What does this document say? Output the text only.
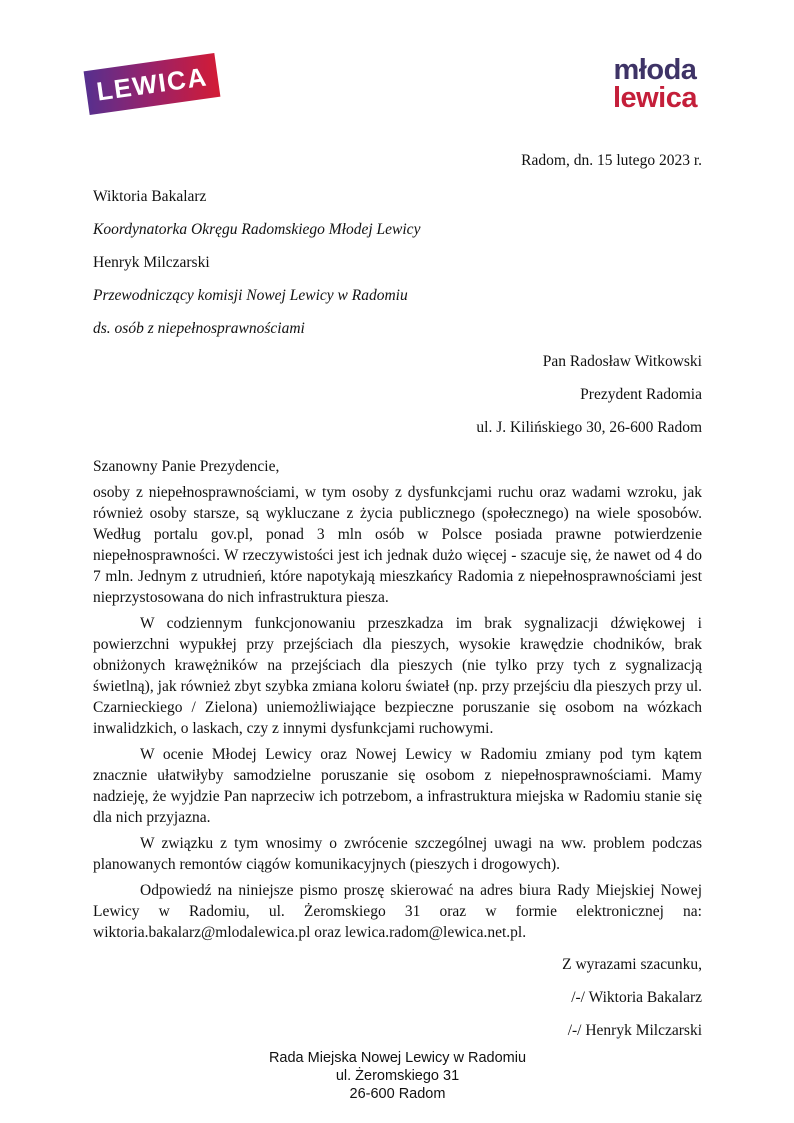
LEWICA	młoda
lewica
Radom, dn. 15 lutego 2023 r.
Wiktoria Bakalarz
Koordynatorka Okręgu Radomskiego Młodej Lewicy
Henryk Milczarski
Przewodniczący komisji Nowej Lewicy w Radomiu
ds. osób z niepełnosprawnościami
Pan Radosław Witkowski
Prezydent Radomia
ul. J. Kilińskiego 30, 26-600 Radom
Szanowny Panie Prezydencie,

osoby z niepełnosprawnościami, w tym osoby z dysfunkcjami ruchu oraz wadami wzroku, jak również osoby starsze, są wykluczane z życia publicznego (społecznego) na wiele sposobów. Według portalu gov.pl, ponad 3 mln osób w Polsce posiada prawne potwierdzenie niepełnosprawności. W rzeczywistości jest ich jednak dużo więcej - szacuje się, że nawet od 4 do 7 mln. Jednym z utrudnień, które napotykają mieszkańcy Radomia z niepełnosprawnościami jest nieprzystosowana do nich infrastruktura piesza.

W codziennym funkcjonowaniu przeszkadza im brak sygnalizacji dźwiękowej i powierzchni wypukłej przy przejściach dla pieszych, wysokie krawędzie chodników, brak obniżonych krawężników na przejściach dla pieszych (nie tylko przy tych z sygnalizacją świetlną), jak również zbyt szybka zmiana koloru świateł (np. przy przejściu dla pieszych przy ul. Czarnieckiego / Zielona) uniemożliwiające bezpieczne poruszanie się osobom na wózkach inwalidzkich, o laskach, czy z innymi dysfunkcjami ruchowymi.

W ocenie Młodej Lewicy oraz Nowej Lewicy w Radomiu zmiany pod tym kątem znacznie ułatwiłyby samodzielne poruszanie się osobom z niepełnosprawnościami. Mamy nadzieję, że wyjdzie Pan naprzeciw ich potrzebom, a infrastruktura miejska w Radomiu stanie się dla nich przyjazna.

W związku z tym wnosimy o zwrócenie szczególnej uwagi na ww. problem podczas planowanych remontów ciągów komunikacyjnych (pieszych i drogowych).

Odpowiedź na niniejsze pismo proszę skierować na adres biura Rady Miejskiej Nowej Lewicy w Radomiu, ul. Żeromskiego 31 oraz w formie elektronicznej na: wiktoria.bakalarz@mlodalewica.pl oraz lewica.radom@lewica.net.pl.

Z wyrazami szacunku,
/-/ Wiktoria Bakalarz
/-/ Henryk Milczarski
Rada Miejska Nowej Lewicy w Radomiu
ul. Żeromskiego 31
26-600 Radom
